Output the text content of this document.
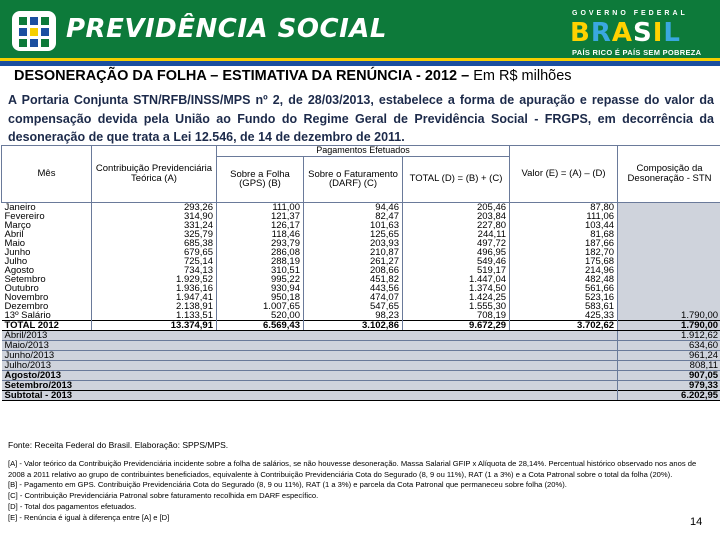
PREVIDÊNCIA SOCIAL
GOVERNO FEDERAL
BRASIL
PAÍS RICO É PAÍS SEM POBREZA
DESONERAÇÃO DA FOLHA – ESTIMATIVA DA RENÚNCIA - 2012 – Em R$ milhões
A Portaria Conjunta STN/RFB/INSS/MPS nº 2, de 28/03/2013, estabelece a forma de apuração e repasse do valor da compensação devida pela União ao Fundo do Regime Geral de Previdência Social - FRGPS, em decorrência da desoneração de que trata a Lei 12.546, de 14 de dezembro de 2011.
Mês	Contribuição Previdenciária Teórica (A)	Pagamentos Efetuados			Valor (E) = (A) – (D)	Composição da Desoneração - STN
		Sobre a Folha (GPS) (B)	Sobre o Faturamento (DARF) (C)	TOTAL (D) = (B) + (C)		
Janeiro	293,26	111,00	94,46	205,46	87,80	
Fevereiro	314,90	121,37	82,47	203,84	111,06	
Março	331,24	126,17	101,63	227,80	103,44	
Abril	325,79	118,46	125,65	244,11	81,68	
Maio	685,38	293,79	203,93	497,72	187,66	
Junho	679,65	286,08	210,87	496,95	182,70	
Julho	725,14	288,19	261,27	549,46	175,68	
Agosto	734,13	310,51	208,66	519,17	214,96	
Setembro	1.929,52	995,22	451,82	1.447,04	482,48	
Outubro	1.936,16	930,94	443,56	1.374,50	561,66	
Novembro	1.947,41	950,18	474,07	1.424,25	523,16	
Dezembro	2.138,91	1.007,65	547,65	1.555,30	583,61	
13º Salário	1.133,51	520,00	98,23	708,19	425,33	1.790,00
TOTAL 2012	13.374,91	6.569,43	3.102,86	9.672,29	3.702,62	1.790,00
Abril/2013						1.912,62
Maio/2013						634,60
Junho/2013						961,24
Julho/2013						808,11
Agosto/2013						907,05
Setembro/2013						979,33
Subtotal - 2013						6.202,95
Fonte: Receita Federal do Brasil. Elaboração: SPPS/MPS.
[A] - Valor teórico da Contribuição Previdenciária incidente sobre a folha de salários, se não houvesse desoneração. Massa Salarial GFIP x Alíquota de 28,14%. Percentual histórico observado nos anos de 2008 a 2011 relativo ao grupo de contribuintes beneficiados, equivalente à Contribuição Previdenciária Cota do Segurado (8, 9 ou 11%), RAT (1 a 3%) e a Cota Patronal sobre o total da folha (20%).
[B] - Pagamento em GPS. Contribuição Previdenciária Cota do Segurado (8, 9 ou 11%), RAT (1 a 3%) e parcela da Cota Patronal que permaneceu sobre folha (20%).
[C] - Contribuição Previdenciária Patronal sobre faturamento recolhida em DARF específico.
[D] - Total dos pagamentos efetuados.
[E] - Renúncia é igual à diferença entre [A] e [D]	14
